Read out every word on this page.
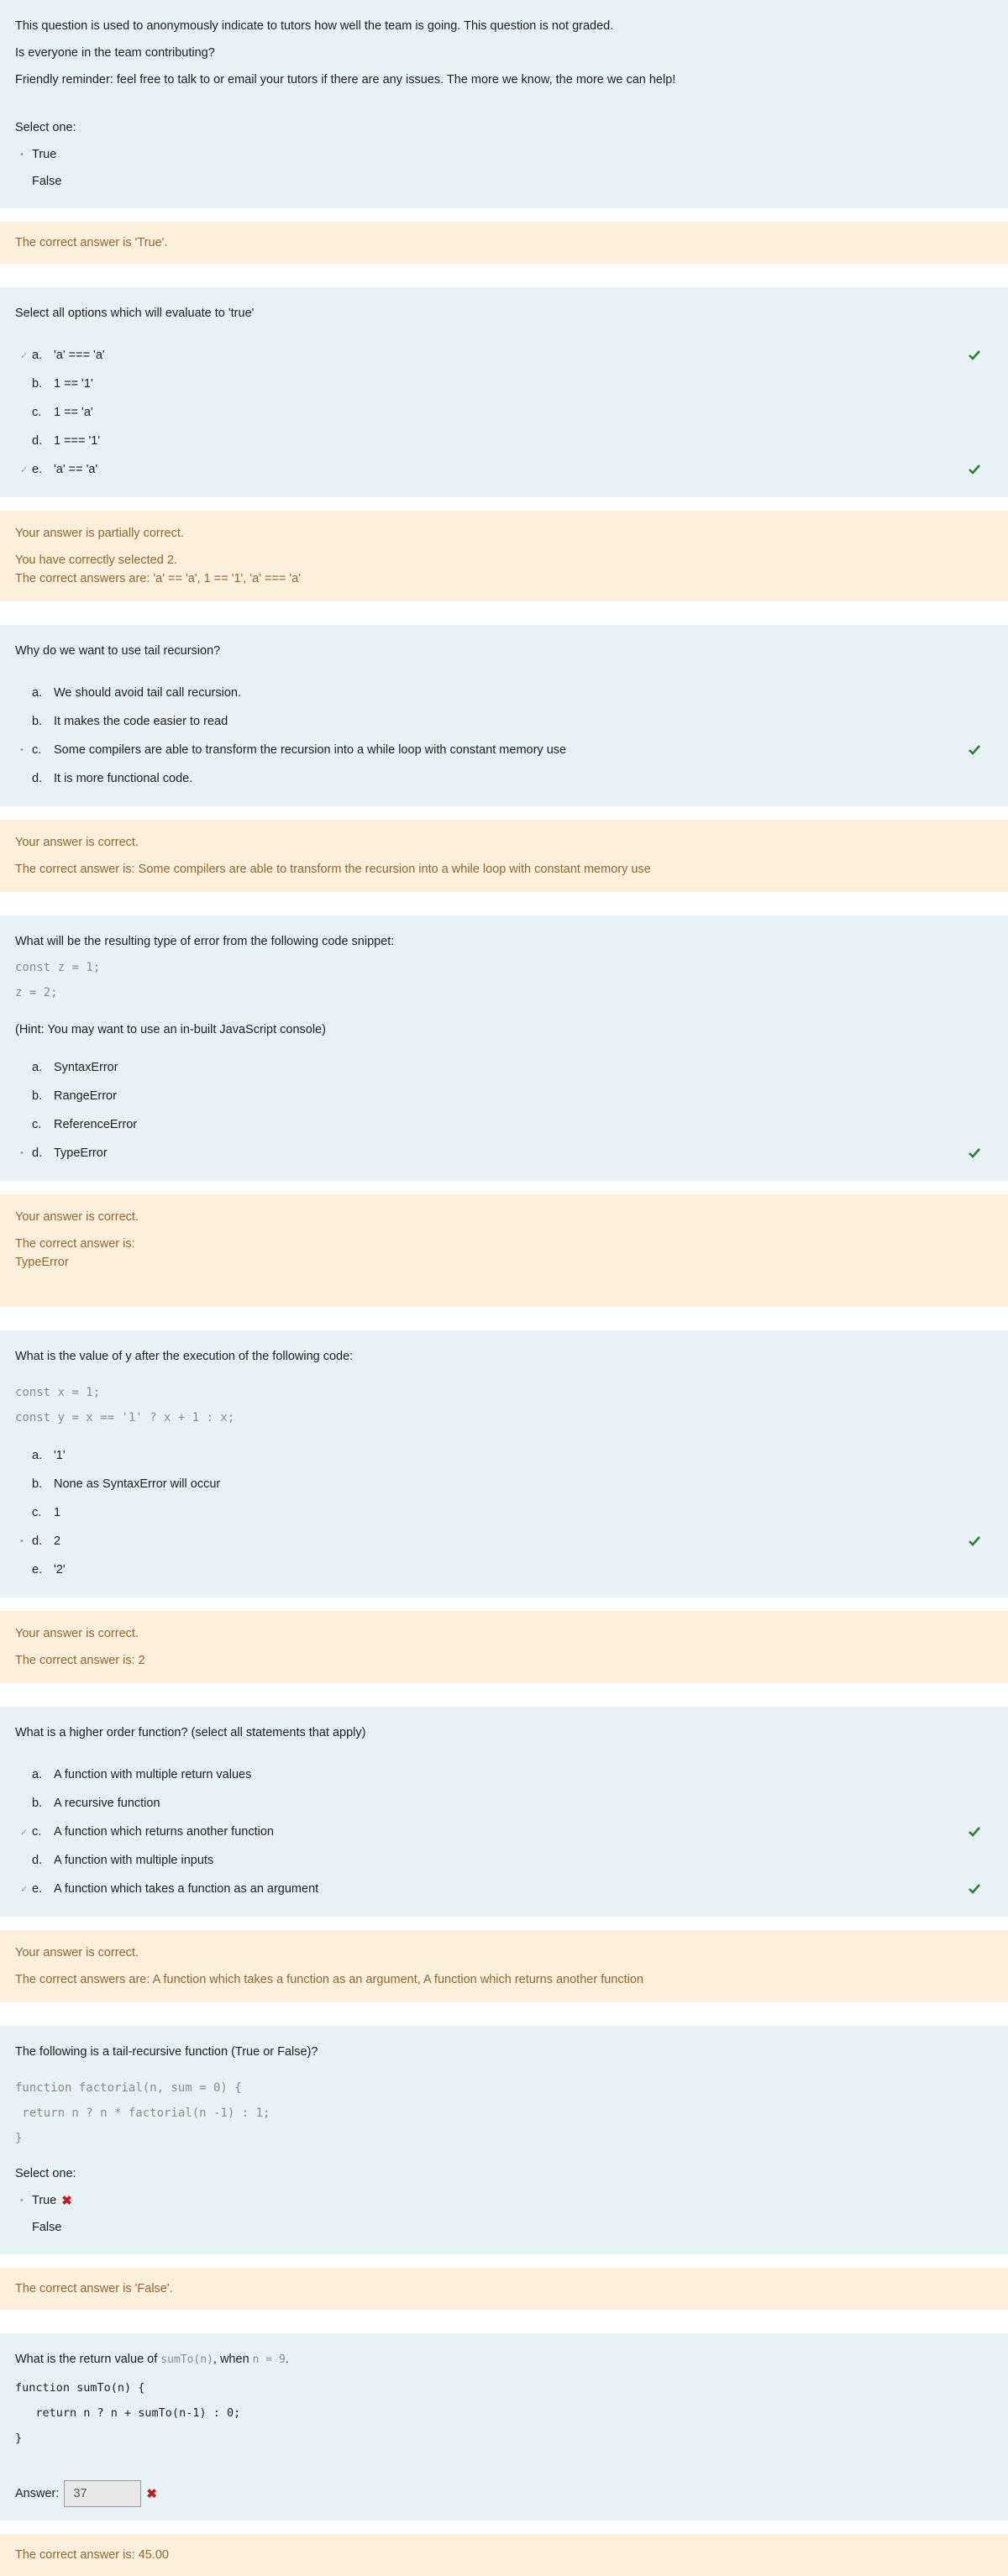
This question is used to anonymously indicate to tutors how well the team is going. This question is not graded.

Is everyone in the team contributing?

Friendly reminder: feel free to talk to or email your tutors if there are any issues. The more we know, the more we can help!

Select one:
• True
False

The correct answer is 'True'.

Select all options which will evaluate to 'true'

✓ a. 'a' === 'a'
b. 1 == '1'
c.	1 == 'a'
d. 1 === '1'
✓ e. 'a' == 'a'

Your answer is partially correct.

You have correctly selected 2.

The correct answers are: 'a' == 'a', 1 == '1', 'a' === 'a'

Why do we want to use tail recursion?

a. We should avoid tail call recursion.
b. It makes the code easier to read
• c.	Some compilers are able to transform the recursion into a while loop with constant memory use
d. It is more functional code.

Your answer is correct.

The correct answer is: Some compilers are able to transform the recursion into a while loop with constant memory use

What will be the resulting type of error from the following code snippet:

const z = 1;
z = 2;
(Hint: You may want to use an in-built JavaScript console)
a. SyntaxError
b. RangeError
c.	ReferenceError
• d. TypeError

Your answer is correct.

The correct answer is:

TypeError

What is the value of y after the execution of the following code:

const x = 1;
const y = x == '1' ? x + 1 : x;
a. '1'
b. None as SyntaxError will occur
c.	1
• d. 2
e. '2'

Your answer is correct.

The correct answer is: 2

What is a higher order function? (select all statements that apply)

a. A function with multiple return values
b. A recursive function
✓ c.	A function which returns another function
d. A function with multiple inputs
✓ e. A function which takes a function as an argument

Your answer is correct.

The correct answers are: A function which takes a function as an argument, A function which returns another function

The following is a tail-recursive function (True or False)?

function factorial(n, sum = 0) {
return n ? n * factorial(n -1) : 1;
}
Select one:
• True ✖
False

The correct answer is 'False'.

What is the return value of sumTo(n), when n = 9.

function sumTo(n) {
return n ? n + sumTo(n-1) : 0;
}
Answer: 37	✖

The correct answer is: 45.00
